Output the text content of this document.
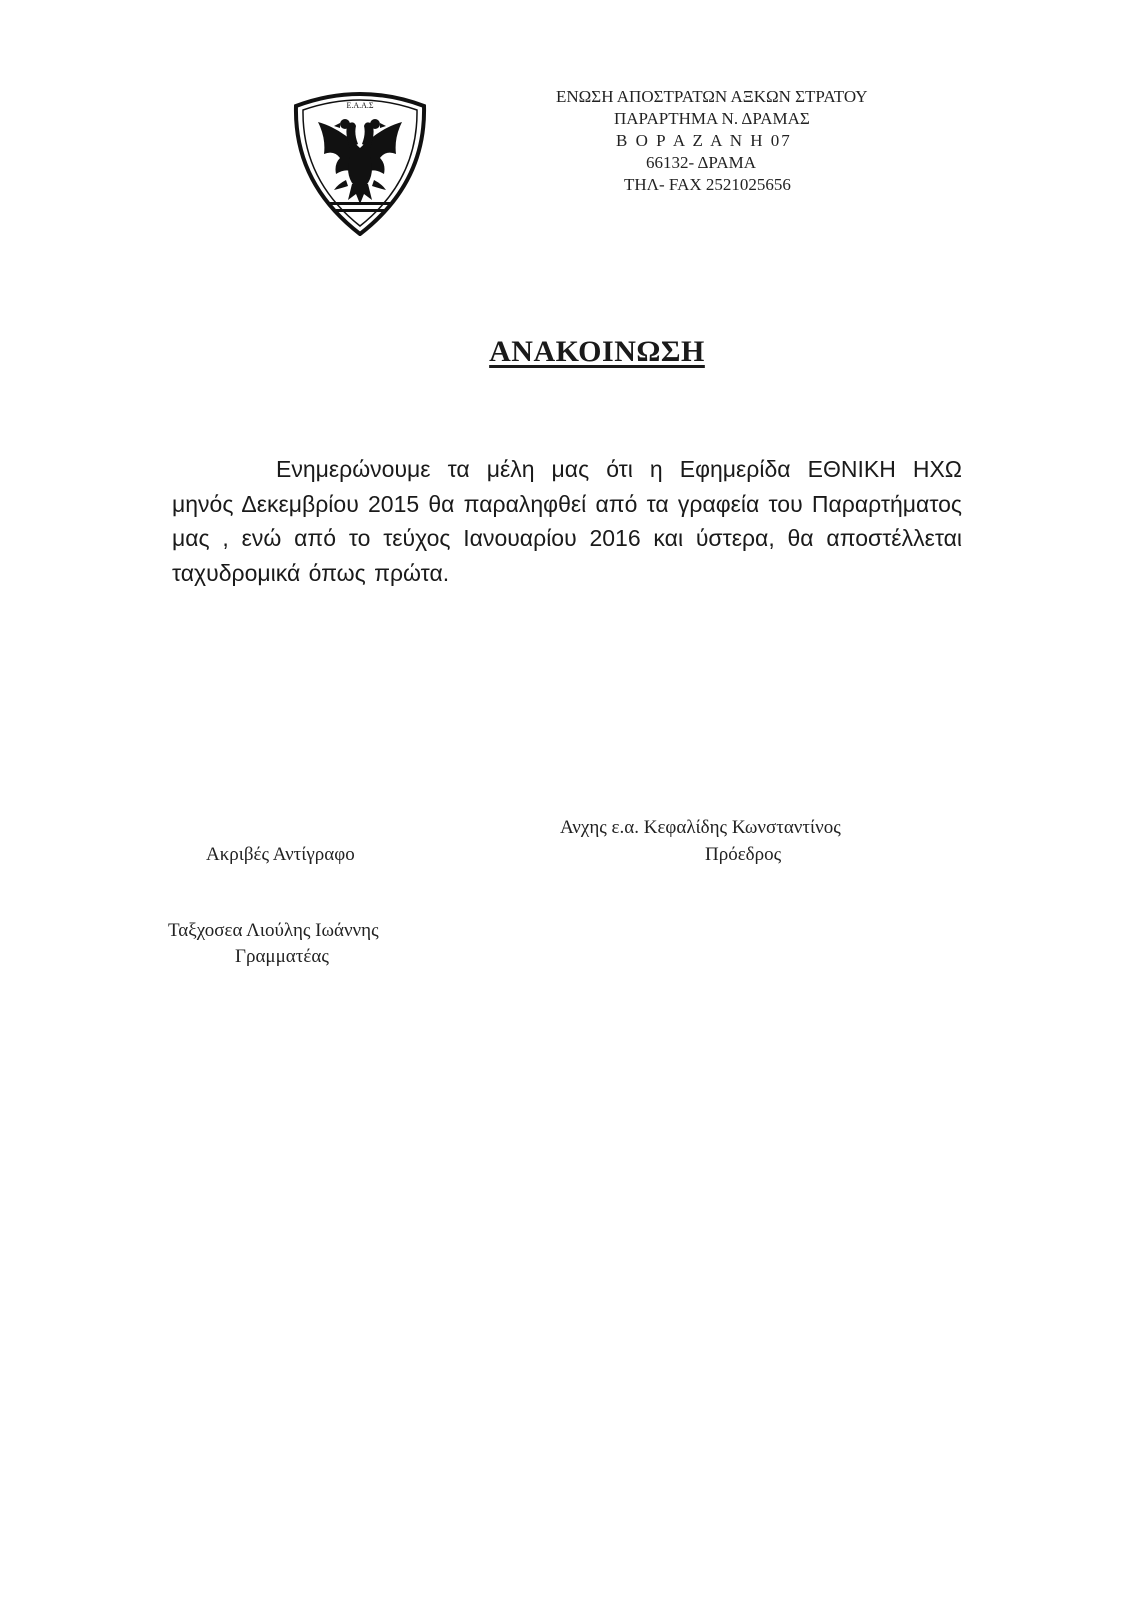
Ε.Α.Α.Σ	ΕΝΩΣΗ ΑΠΟΣΤΡΑΤΩΝ ΑΞΚΩΝ ΣΤΡΑΤΟΥ
ΠΑΡΑΡΤΗΜΑ Ν. ΔΡΑΜΑΣ
Β Ο Ρ Α Ζ Α Ν Η 07
66132- ΔΡΑΜΑ
ΤΗΛ- FAX 2521025656
ΑΝΑΚΟΙΝΩΣΗ

Ενημερώνουμε τα μέλη μας ότι η Εφημερίδα ΕΘΝΙΚΗ ΗΧΩ μηνός Δεκεμβρίου 2015 θα παραληφθεί από τα γραφεία του Παραρτήματος μας , ενώ από το τεύχος Ιανουαρίου 2016 και ύστερα, θα αποστέλλεται ταχυδρομικά όπως πρώτα.

Ανχης ε.α. Κεφαλίδης Κωνσταντίνος
Πρόεδρος
Ακριβές Αντίγραφο
Ταξχοσεα Λιούλης Ιωάννης
Γραμματέας
